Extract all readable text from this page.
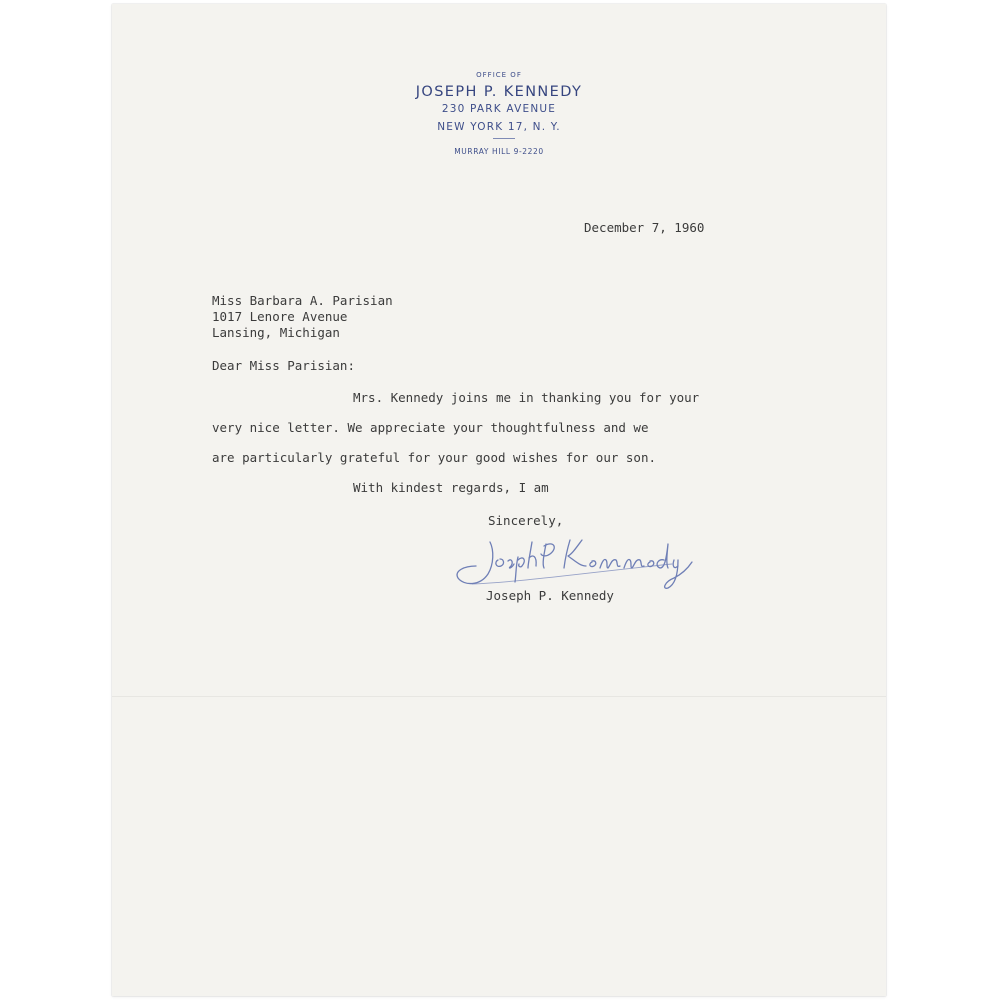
OFFICE OF
JOSEPH P. KENNEDY
230 PARK AVENUE
NEW YORK 17, N. Y.
MURRAY HILL 9-2220
December 7, 1960
Miss Barbara A. Parisian
1017 Lenore Avenue
Lansing, Michigan
Dear Miss Parisian:
Mrs. Kennedy joins me in thanking you for your
very nice letter. We appreciate your thoughtfulness and we
are particularly grateful for your good wishes for our son.
With kindest regards, I am
Sincerely,
Joseph P. Kennedy
